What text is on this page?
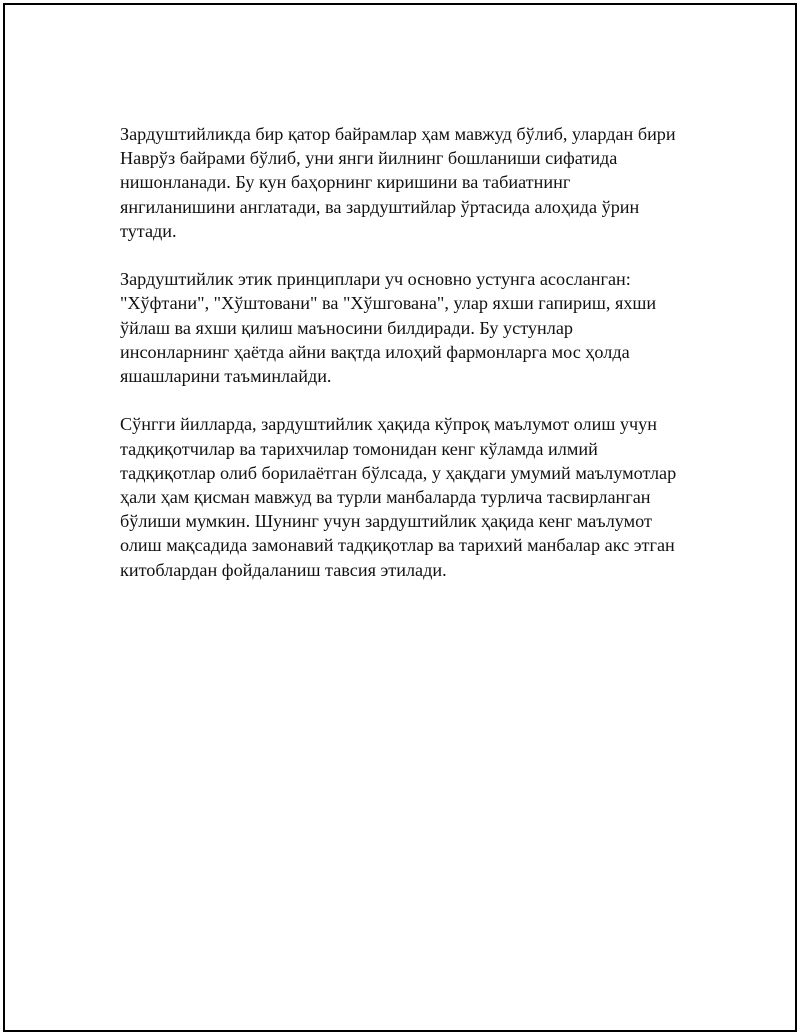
Зардуштийликда бир қатор байрамлар ҳам мавжуд бўлиб, улардан бири Наврўз байрами бўлиб, уни янги йилнинг бошланиши сифатида нишонланади. Бу кун баҳорнинг киришини ва табиатнинг янгиланишини англатади, ва зардуштийлар ўртасида алоҳида ўрин тутади.

Зардуштийлик этик принциплари уч основно устунга асосланган: "Хўфтани", "Хўштовани" ва "Хўшгована", улар яхши гапириш, яхши ўйлаш ва яхши қилиш маъносини билдиради. Бу устунлар инсонларнинг ҳаётда айни вақтда илоҳий фармонларга мос ҳолда яшашларини таъминлайди.

Сўнгги йилларда, зардуштийлик ҳақида кўпроқ маълумот олиш учун тадқиқотчилар ва тарихчилар томонидан кенг кўламда илмий тадқиқотлар олиб борилаётган бўлсада, у ҳақдаги умумий маълумотлар ҳали ҳам қисман мавжуд ва турли манбаларда турлича тасвирланган бўлиши мумкин. Шунинг учун зардуштийлик ҳақида кенг маълумот олиш мақсадида замонавий тадқиқотлар ва тарихий манбалар акс этган китоблардан фойдаланиш тавсия этилади.
